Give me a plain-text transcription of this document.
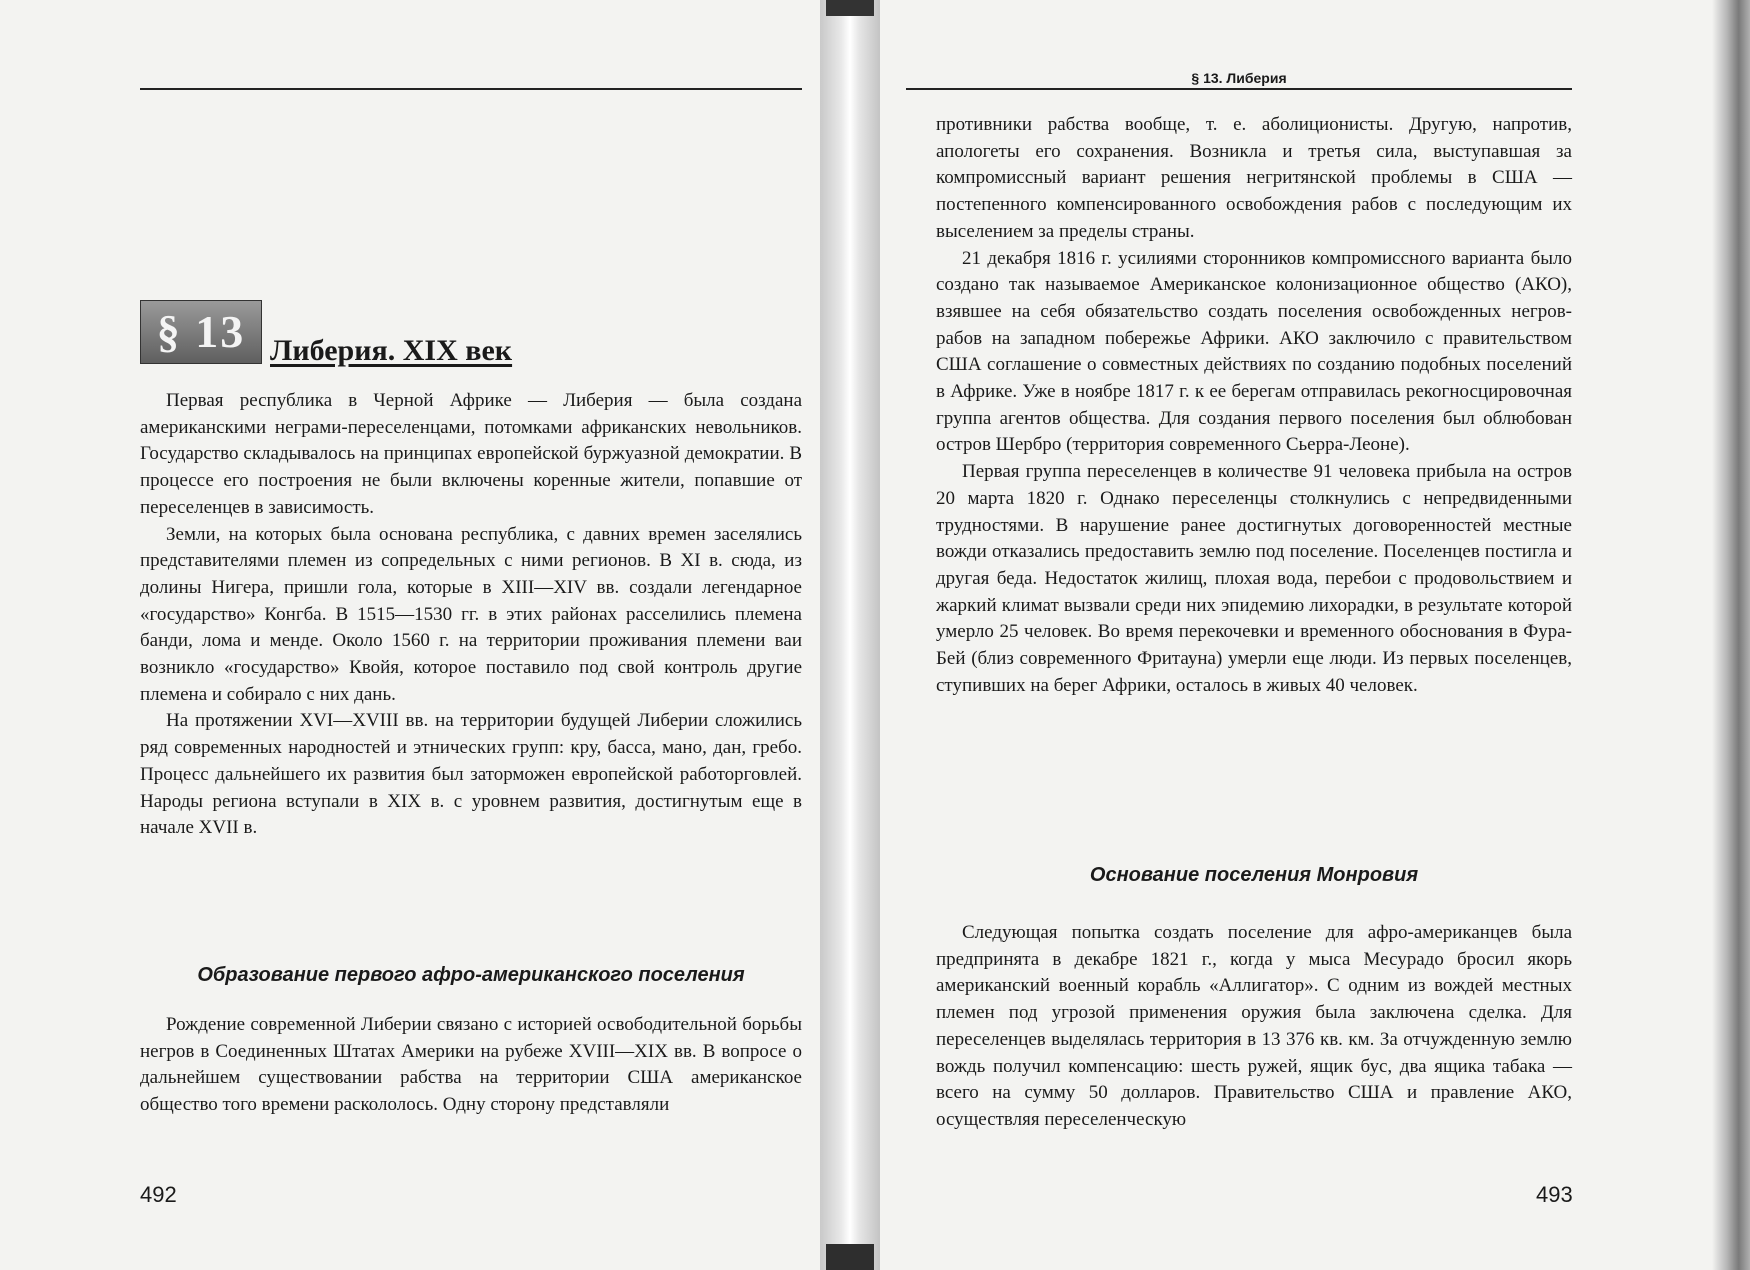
§ 13 Либерия. XIX век

Первая республика в Черной Африке — Либерия — была создана американскими неграми-переселенцами, потомками африканских невольников. Государство складывалось на принципах европейской буржуазной демократии. В процессе его построения не были включены коренные жители, попавшие от переселенцев в зависимость.

Земли, на которых была основана республика, с давних времен заселялись представителями племен из сопредельных с ними регионов. В XI в. сюда, из долины Нигера, пришли гола, которые в XIII—XIV вв. создали легендарное «государство» Конгба. В 1515—1530 гг. в этих районах расселились племена банди, лома и менде. Около 1560 г. на территории проживания племени ваи возникло «государство» Квойя, которое поставило под свой контроль другие племена и собирало с них дань.

На протяжении XVI—XVIII вв. на территории будущей Либерии сложились ряд современных народностей и этнических групп: кру, басса, мано, дан, гребо. Процесс дальнейшего их развития был заторможен европейской работорговлей. Народы региона вступали в XIX в. с уровнем развития, достигнутым еще в начале XVII в.

Образование первого афро-американского поселения

Рождение современной Либерии связано с историей освободительной борьбы негров в Соединенных Штатах Америки на рубеже XVIII—XIX вв. В вопросе о дальнейшем существовании рабства на территории США американское общество того времени раскололось. Одну сторону представляли

492
§ 13. Либерия

противники рабства вообще, т. е. аболиционисты. Другую, напротив, апологеты его сохранения. Возникла и третья сила, выступавшая за компромиссный вариант решения негритянской проблемы в США — постепенного компенсированного освобождения рабов с последующим их выселением за пределы страны.

21 декабря 1816 г. усилиями сторонников компромиссного варианта было создано так называемое Американское колонизационное общество (АКО), взявшее на себя обязательство создать поселения освобожденных негров-рабов на западном побережье Африки. АКО заключило с правительством США соглашение о совместных действиях по созданию подобных поселений в Африке. Уже в ноябре 1817 г. к ее берегам отправилась рекогносцировочная группа агентов общества. Для создания первого поселения был облюбован остров Шербро (территория современного Сьерра-Леоне).

Первая группа переселенцев в количестве 91 человека прибыла на остров 20 марта 1820 г. Однако переселенцы столкнулись с непредвиденными трудностями. В нарушение ранее достигнутых договоренностей местные вожди отказались предоставить землю под поселение. Поселенцев постигла и другая беда. Недостаток жилищ, плохая вода, перебои с продовольствием и жаркий климат вызвали среди них эпидемию лихорадки, в результате которой умерло 25 человек. Во время перекочевки и временного обоснования в Фура-Бей (близ современного Фритауна) умерли еще люди. Из первых поселенцев, ступивших на берег Африки, осталось в живых 40 человек.

Основание поселения Монровия

Следующая попытка создать поселение для афро-американцев была предпринята в декабре 1821 г., когда у мыса Месурадо бросил якорь американский военный корабль «Аллигатор». С одним из вождей местных племен под угрозой применения оружия была заключена сделка. Для переселенцев выделялась территория в 13 376 кв. км. За отчужденную землю вождь получил компенсацию: шесть ружей, ящик бус, два ящика табака — всего на сумму 50 долларов. Правительство США и правление АКО, осуществляя переселенческую

493
